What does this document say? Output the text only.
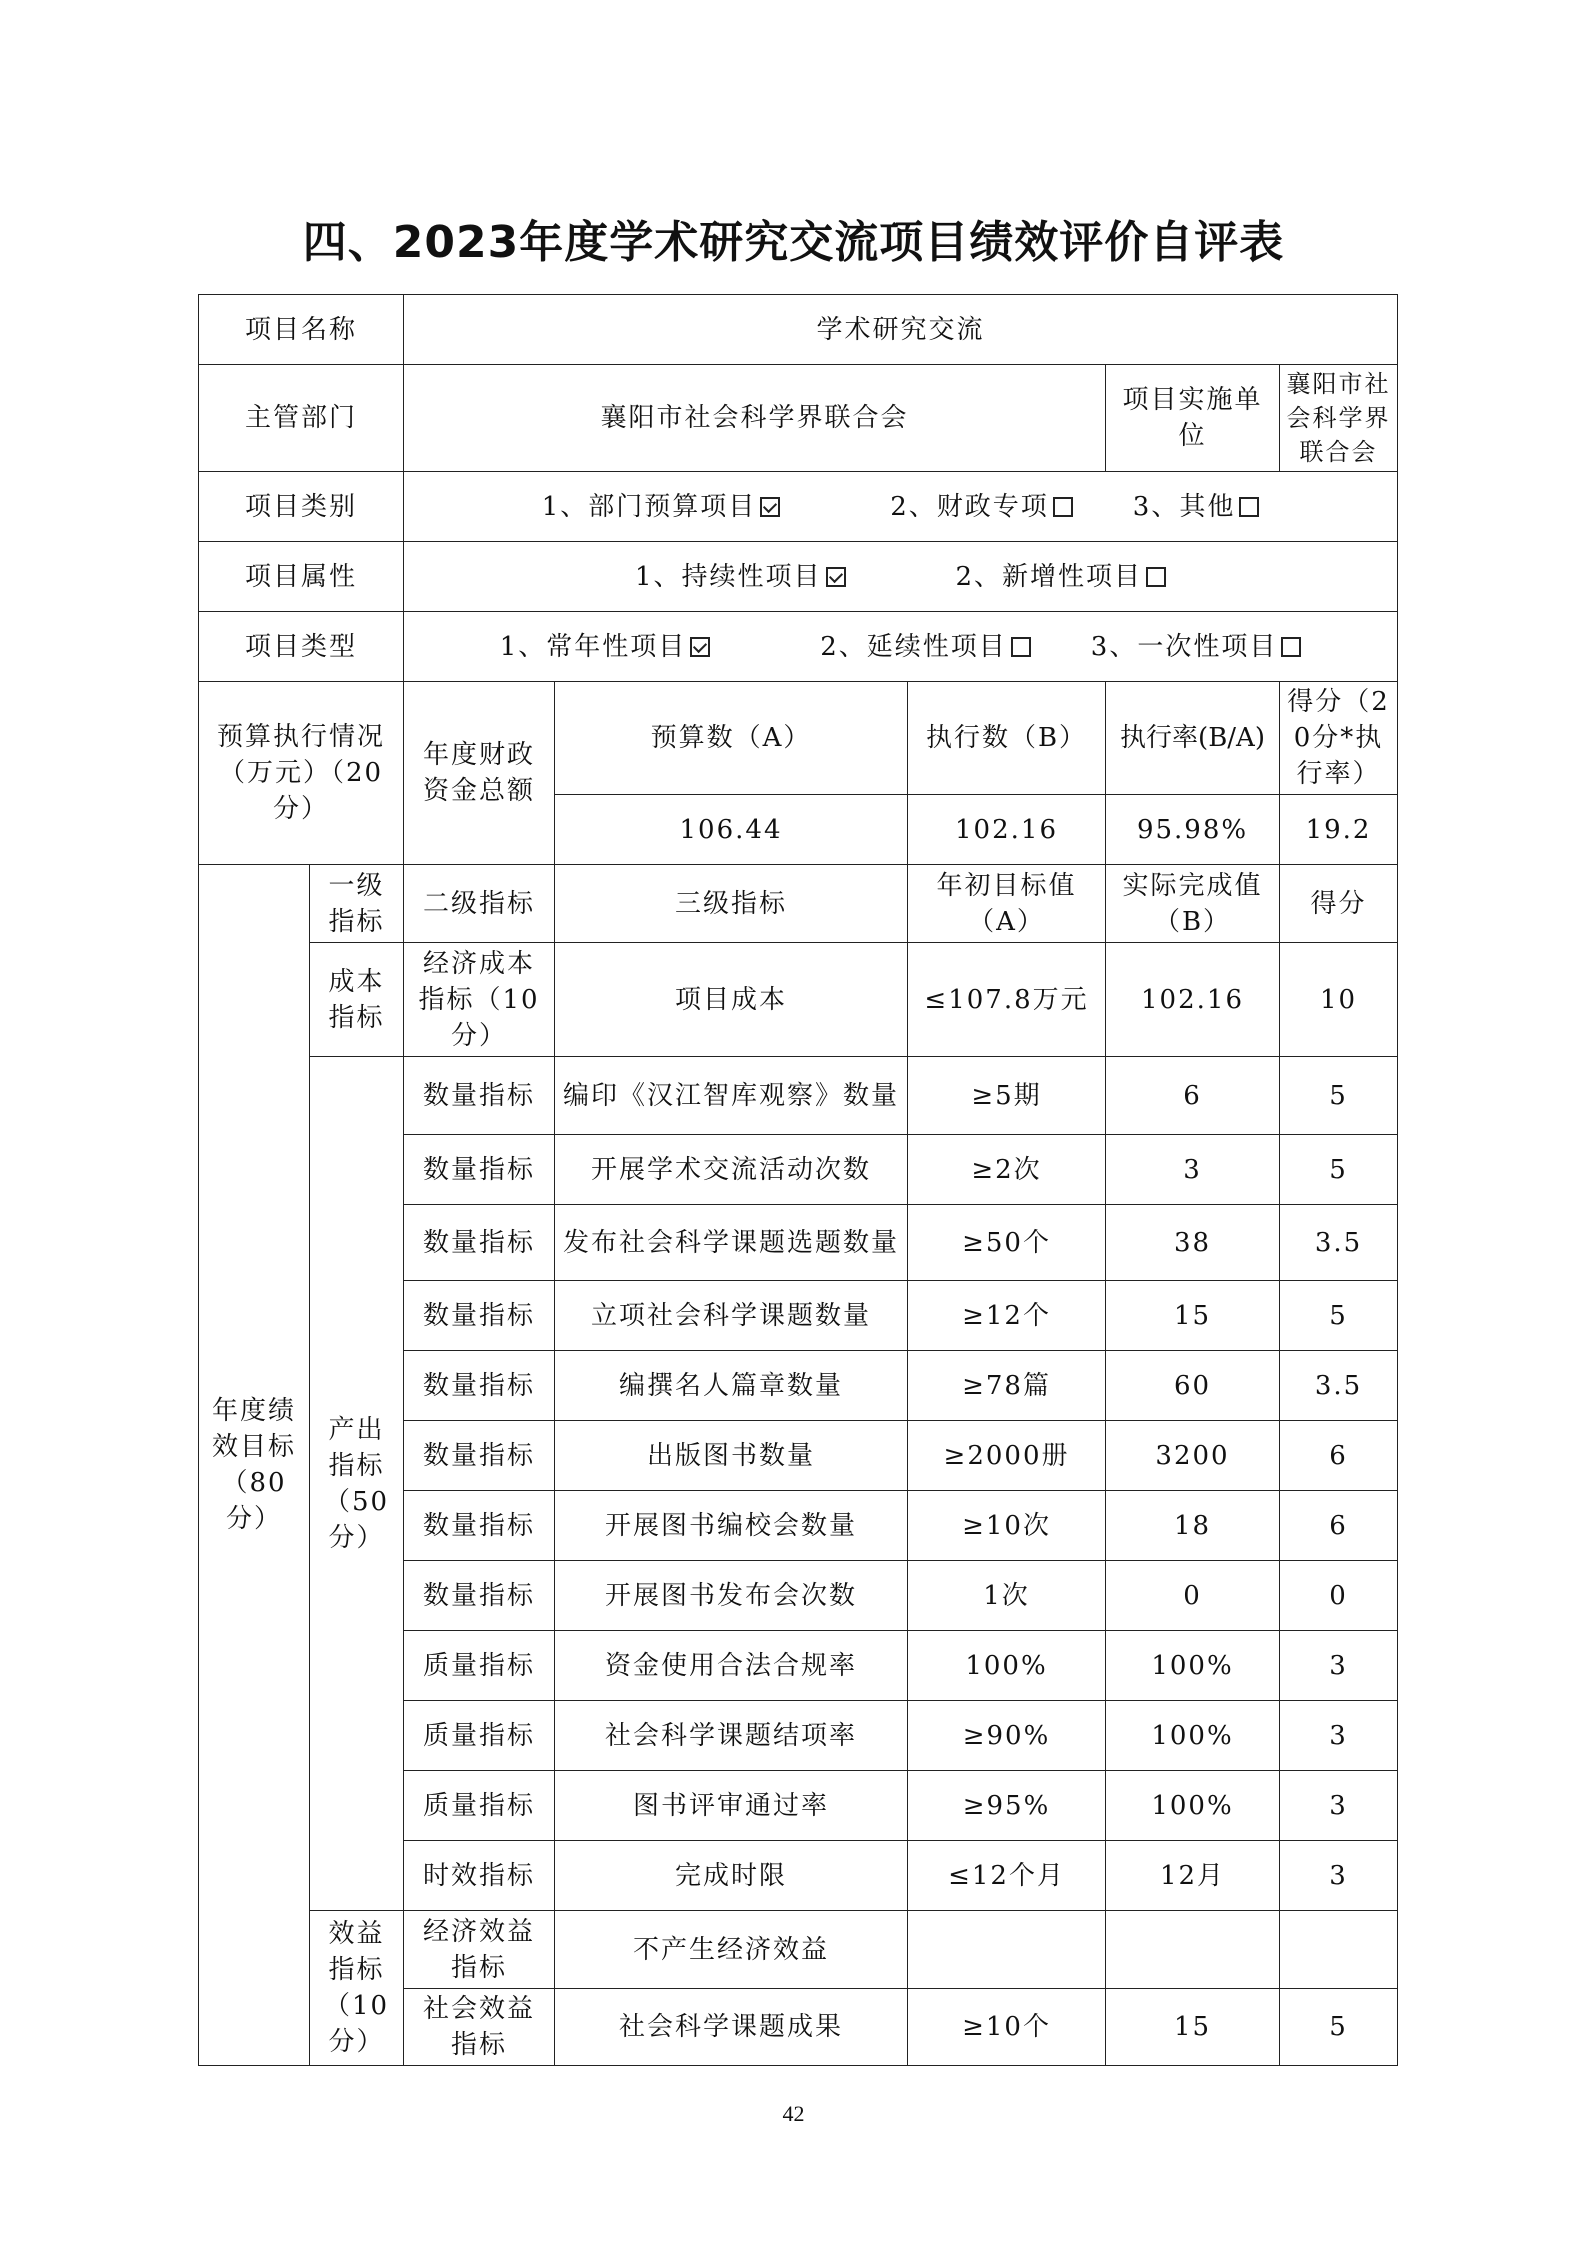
四、2023年度学术研究交流项目绩效评价自评表
项目名称		学术研究交流				
主管部门		襄阳市社会科学界联合会			项目实施单位	襄阳市社会科学界联合会
项目类别		1、部门预算项目 2、财政专项 3、其他				
项目属性		1、持续性项目 2、新增性项目				
项目类型		1、常年性项目 2、延续性项目 3、一次性项目				
预算执行情况（万元）（20分）		年度财政资金总额	预算数（A）	执行数（B）	执行率(B/A)	得分（20分*执行率）
			106.44	102.16	95.98%	19.2
年度绩效目标（80分）	一级指标	二级指标	三级指标	年初目标值（A）	实际完成值（B）	得分
	成本指标	经济成本指标（10分）	项目成本	≤107.8万元	102.16	10
	产出指标（50分）	数量指标	编印《汉江智库观察》数量	≥5期	6	5
		数量指标	开展学术交流活动次数	≥2次	3	5
		数量指标	发布社会科学课题选题数量	≥50个	38	3.5
		数量指标	立项社会科学课题数量	≥12个	15	5
		数量指标	编撰名人篇章数量	≥78篇	60	3.5
		数量指标	出版图书数量	≥2000册	3200	6
		数量指标	开展图书编校会数量	≥10次	18	6
		数量指标	开展图书发布会次数	1次	0	0
		质量指标	资金使用合法合规率	100%	100%	3
		质量指标	社会科学课题结项率	≥90%	100%	3
		质量指标	图书评审通过率	≥95%	100%	3
		时效指标	完成时限	≤12个月	12月	3
	效益指标（10分）	经济效益指标	不产生经济效益			
		社会效益指标	社会科学课题成果	≥10个	15	5
42
